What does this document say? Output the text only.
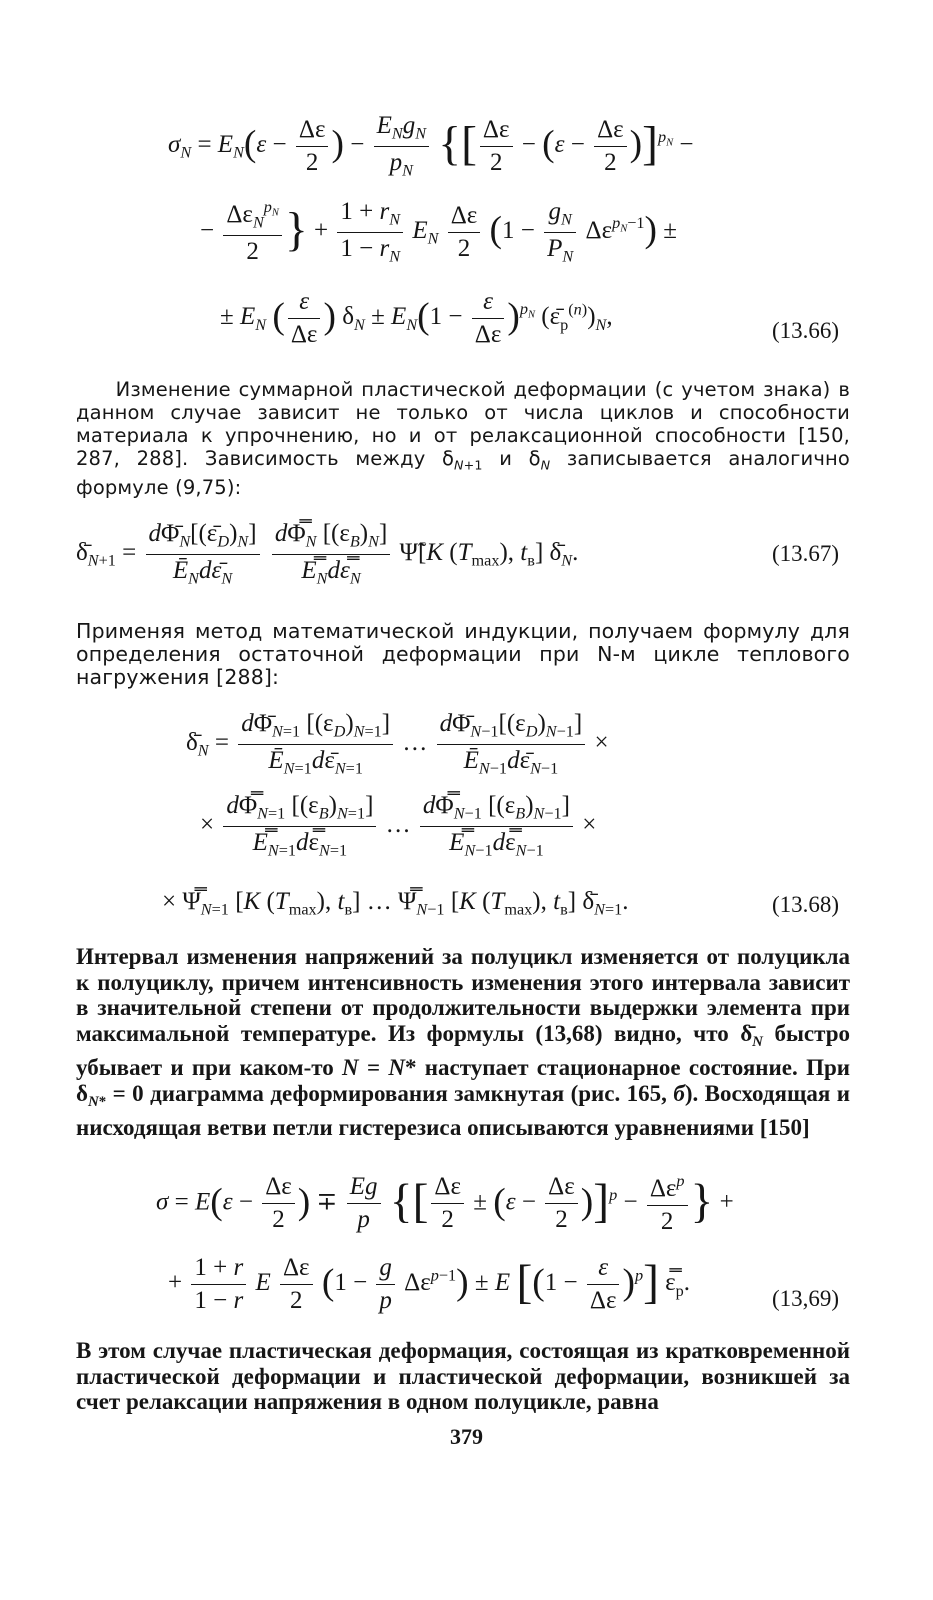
$\sigma_N = E_N(\varepsilon - \frac{\Delta\varepsilon}{2}$ ) − $\frac{E_Ng_N}{p_N}$ {[ $\frac{\Delta\varepsilon}{2} - (\varepsilon - \frac{\Delta\varepsilon}{2} )]^{p_N}$ −
− $\frac{\Delta\varepsilon_N^{p_N}}{2}$ } + $\frac{1 + r_N}{1 - r_N} E_N \frac{\Delta\varepsilon}{2} (1 - \frac{g_N}{P_N} \Delta\varepsilon^{p_N-1})$ ±
± $E_N$ ( $\frac{\varepsilon}{\Delta\varepsilon}$ ) $\delta_N \pm E_N(1 - \frac{\varepsilon}{\Delta\varepsilon} )^{p_N}$ $(\varepsilon̄_p^{(n)})_N$,
(13.66)
Изменение суммарной пластической деформации (с учетом знака) в данном случае зависит не только от числа циклов и способности материала к упрочнению, но и от релаксационной способности [150, 287, 288]. Зависимость между $\delta_{N+1}$ и $\delta_N$ записывается аналогично формуле (9,75):
$\deltā_{N+1} = \frac{d\Phī_N[(\varepsilon̄_D)_N]}{Ē_Nd\varepsilon̄_N}$
$\frac{d\Phi̿_N [(\varepsilon_B)_N]}{E̿_Nd\varepsilon̿_N}$ Ψ̃[K $(T_{max})$, $t_в$] $\deltā_N$.	(13.67)
Применяя метод математической индукции, получаем формулу для определения остаточной деформации при N-м цикле теплового нагружения [288]:
$\deltā_N = \frac{d\Phī_{N=1} [(\varepsilon_D)_{N=1}]}{Ē_{N=1}d\varepsilon̄_{N=1}}$ … $\frac{d\Phī_{N-1}[(\varepsilon_D)_{N-1}]}{Ē_{N-1}d\varepsilon̄_{N-1}}$ ×
× $\frac{d\Phi̿_{N=1} [(\varepsilon_B)_{N=1}]}{E̿_{N=1}d\varepsilon̿_{N=1}}$ … $\frac{d\Phi̿_{N-1} [(\varepsilon_B)_{N-1}]}{E̿_{N-1}d\varepsilon̿_{N-1}}$ ×
× $\Psi̿_{N=1}$ [K $(T_{max})$, $t_в$] … $\Psi̿_{N-1}$ [K $(T_{max})$, $t_в$] $\deltā_{N=1}$.	(13.68)
Интервал изменения напряжений за полуцикл изменяется от полуцикла к полуциклу, причем интенсивность изменения этого интервала зависит в значительной степени от продолжительности выдержки элемента при максимальной температуре. Из формулы (13,68) видно, что $\deltā_N$ быстро убывает и при каком-то N = N* наступает стационарное состояние. При $\delta_{N*} = 0$ диаграмма деформирования замкнутая (рис. 165, б). Восходящая и нисходящая ветви петли гистерезиса описываются уравнениями [150]
$\sigma = E(\varepsilon - \frac{\Delta\varepsilon}{2}$ ) ∓ $\frac{Eg}{p}$ {[ $\frac{\Delta\varepsilon}{2} \pm (\varepsilon - \frac{\Delta\varepsilon}{2} )]^p - \frac{\Delta\varepsilon^p}{2}$ } +
+ $\frac{1 + r}{1 - r}$ E $\frac{\Delta\varepsilon}{2} (1 - \frac{g}{p} \Delta\varepsilon^{p-1}) \pm E$ $[(1 - \frac{\varepsilon}{\Delta\varepsilon} )^p]$ $\varepsilon̿_p$.
(13,69)
В этом случае пластическая деформация, состоящая из кратковременной пластической деформации и пластической деформации, возникшей за счет релаксации напряжения в одном полуцикле, равна
379
